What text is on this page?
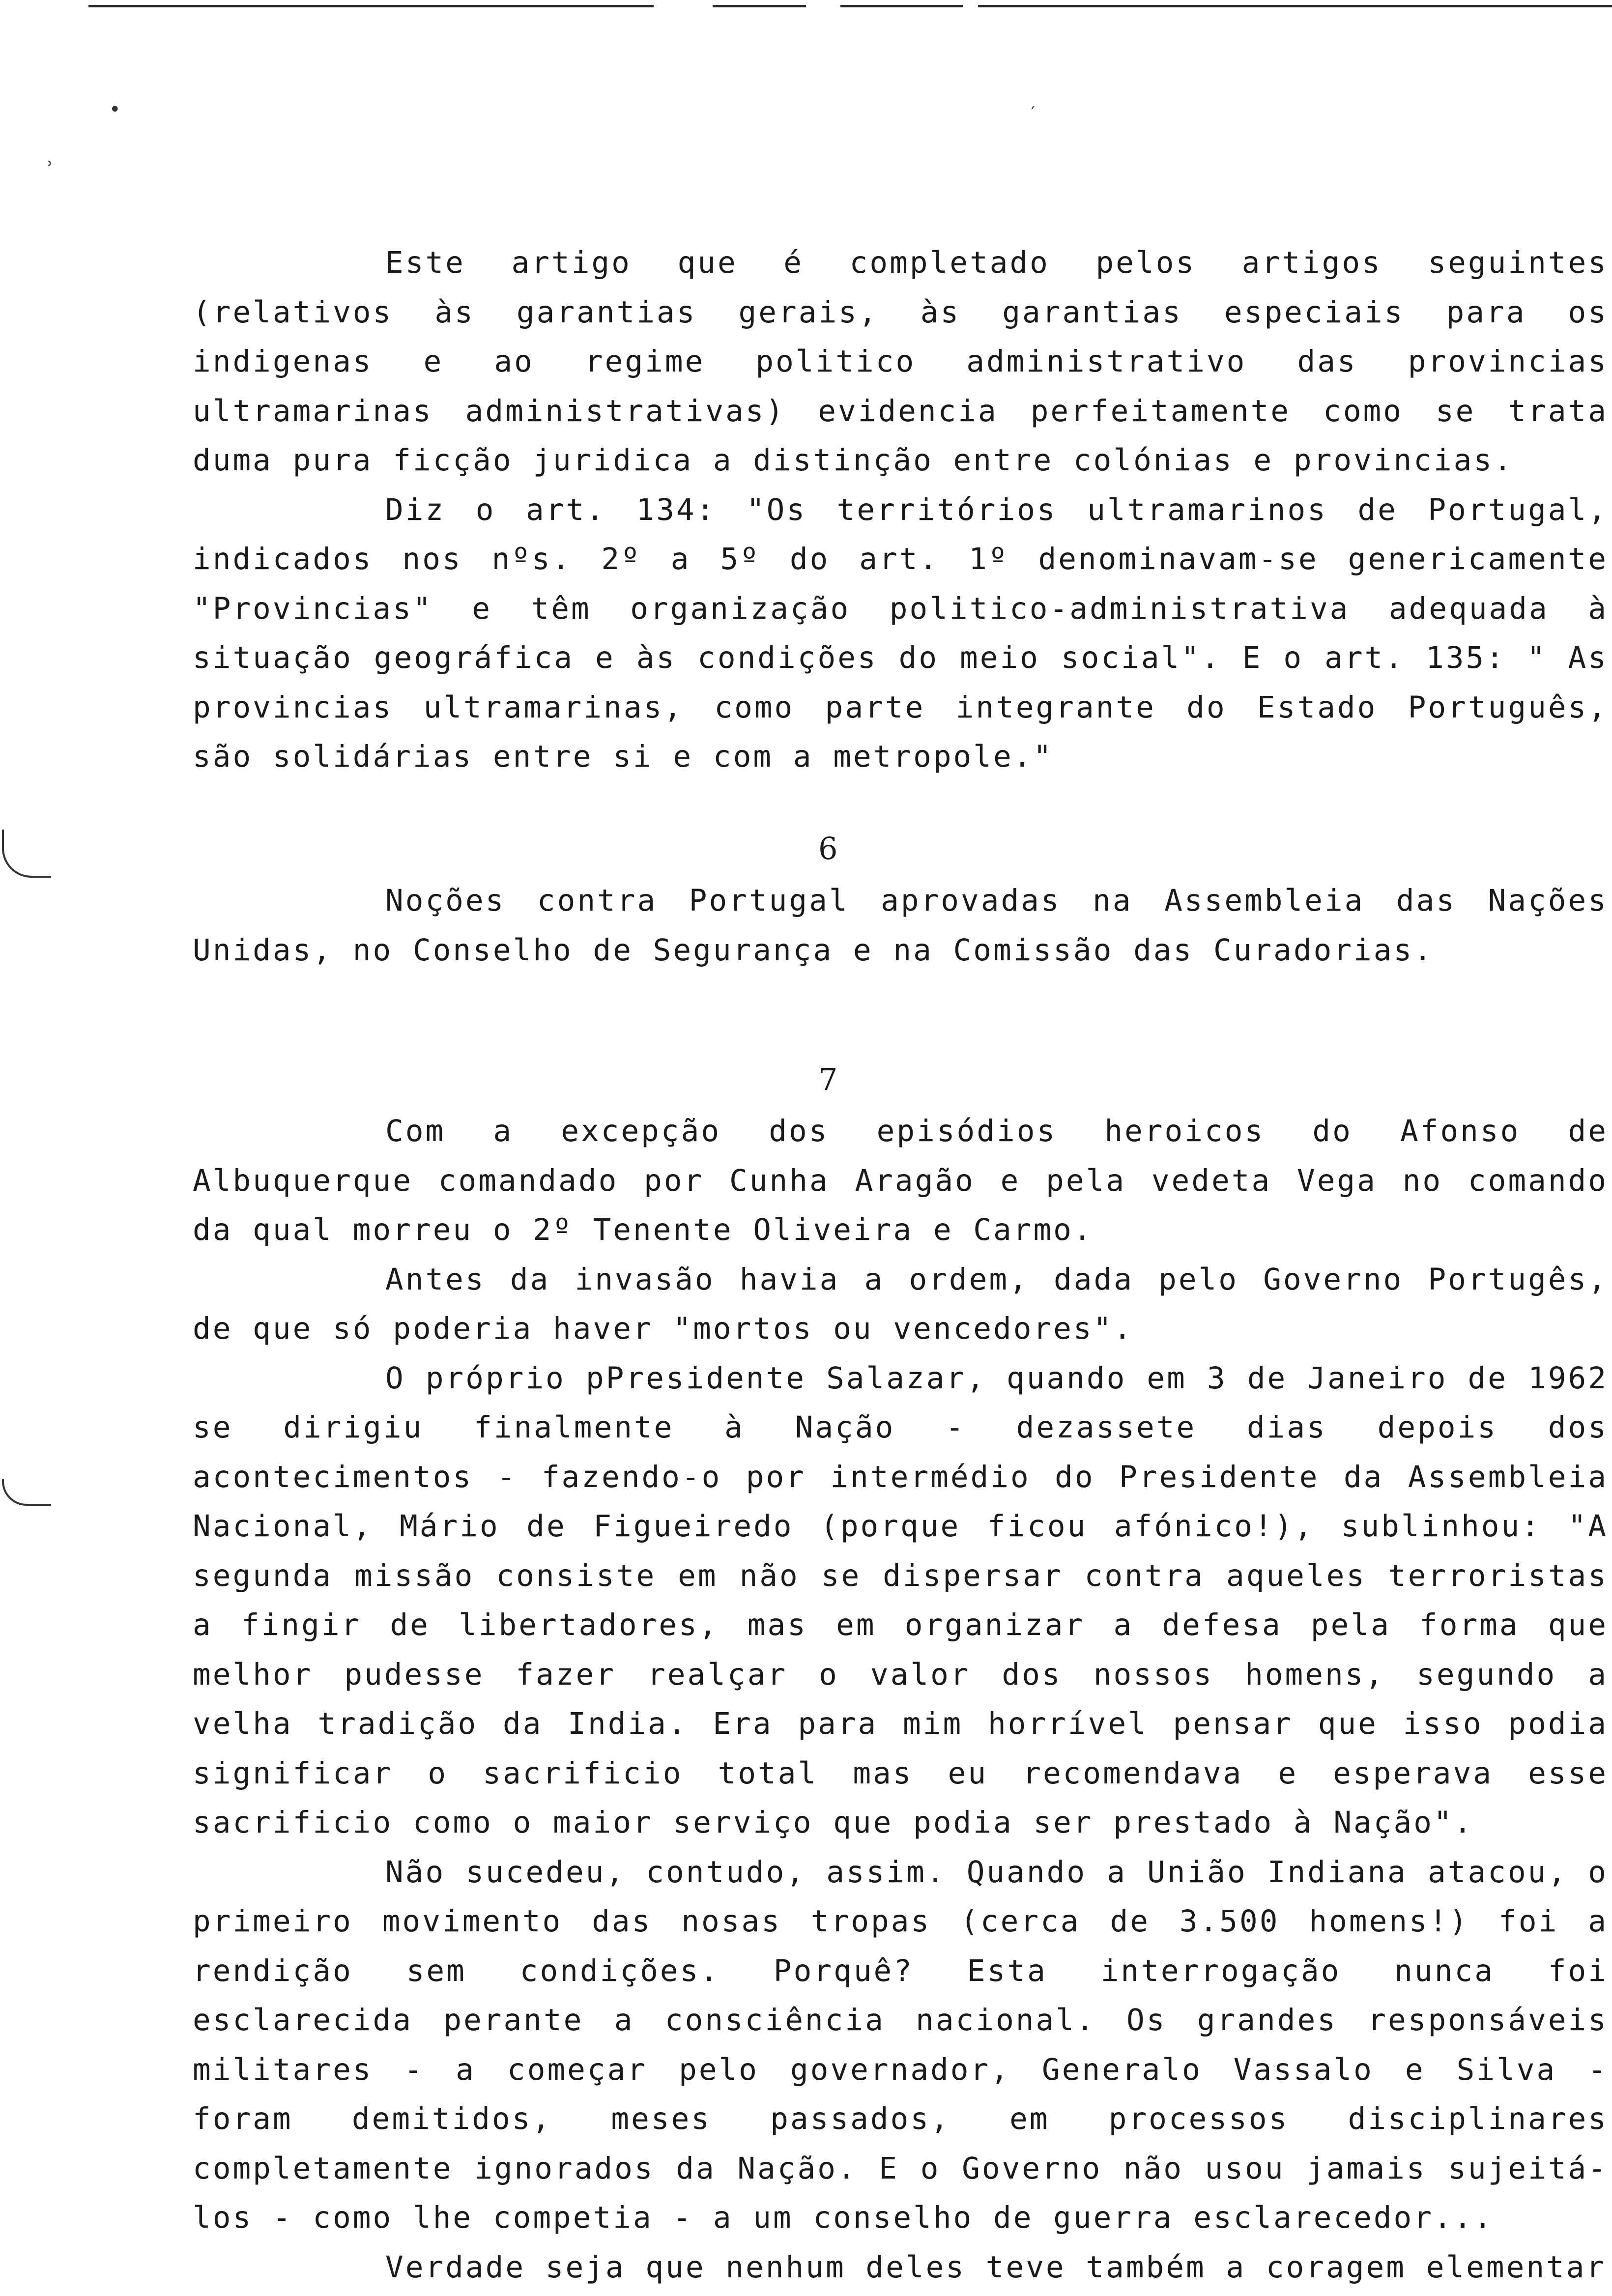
•	′
ʾ

Este artigo que é completado pelos artigos seguintes (relativos às garantias gerais, às garantias especiais para os indigenas e ao regime politico administrativo das provincias ultramarinas administrativas) evidencia perfeitamente como se trata duma pura ficção juridica a distinção entre colónias e provincias.

Diz o art. 134: "Os territórios ultramarinos de Portugal, indicados nos nºs. 2º a 5º do art. 1º denominavam-se genericamente "Provincias" e têm organização politico-administrativa adequada à situação geográfica e às condições do meio social". E o art. 135: " As provincias ultramarinas, como parte integrante do Estado Português, são solidárias entre si e com a metropole."

6

Noções contra Portugal aprovadas na Assembleia das Nações Unidas, no Conselho de Segurança e na Comissão das Curadorias.

7

Com a excepção dos episódios heroicos do Afonso de Albuquerque comandado por Cunha Aragão e pela vedeta Vega no comando da qual morreu o 2º Tenente Oliveira e Carmo.

Antes da invasão havia a ordem, dada pelo Governo Portugês, de que só poderia haver "mortos ou vencedores".

O próprio pPresidente Salazar, quando em 3 de Janeiro de 1962 se dirigiu finalmente à Nação - dezassete dias depois dos acontecimentos - fazendo-o por intermédio do Presidente da Assembleia Nacional, Mário de Figueiredo (porque ficou afónico!), sublinhou: "A segunda missão consiste em não se dispersar contra aqueles terroristas a fingir de libertadores, mas em organizar a defesa pela forma que melhor pudesse fazer realçar o valor dos nossos homens, segundo a velha tradição da India. Era para mim horrível pensar que isso podia significar o sacrificio total mas eu recomendava e esperava esse sacrificio como o maior serviço que podia ser prestado à Nação".

Não sucedeu, contudo, assim. Quando a União Indiana atacou, o primeiro movimento das nosas tropas (cerca de 3.500 homens!) foi a rendição sem condições. Porquê? Esta interrogação nunca foi esclarecida perante a consciência nacional. Os grandes responsáveis militares - a começar pelo governador, Generalo Vassalo e Silva - foram demitidos, meses passados, em processos disciplinares completamente ignorados da Nação. E o Governo não usou jamais sujeitá-los - como lhe competia - a um conselho de guerra esclarecedor...

Verdade seja que nenhum deles teve também a coragem elementar
